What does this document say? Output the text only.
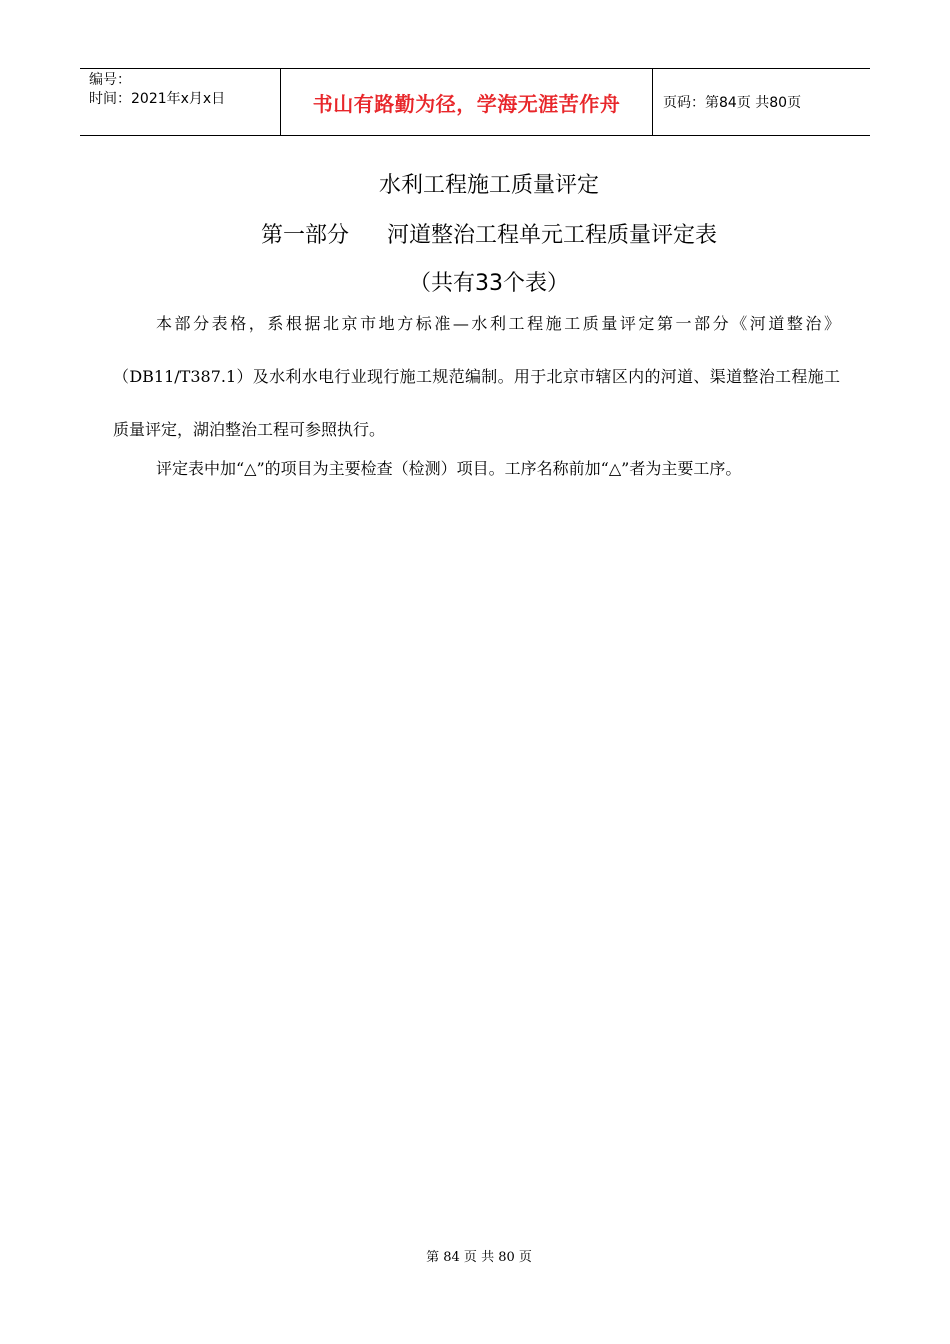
编号：
时间：2021年x月x日	书山有路勤为径，学海无涯苦作舟	页码：第84页 共80页
水利工程施工质量评定
第一部分 河道整治工程单元工程质量评定表
（共有33个表）

本部分表格，系根据北京市地方标准—水利工程施工质量评定第一部分《河道整治》（DB11/T387.1）及水利水电行业现行施工规范编制。用于北京市辖区内的河道、渠道整治工程施工质量评定，湖泊整治工程可参照执行。

评定表中加“△”的项目为主要检查（检测）项目。工序名称前加“△”者为主要工序。

第 84 页 共 80 页
